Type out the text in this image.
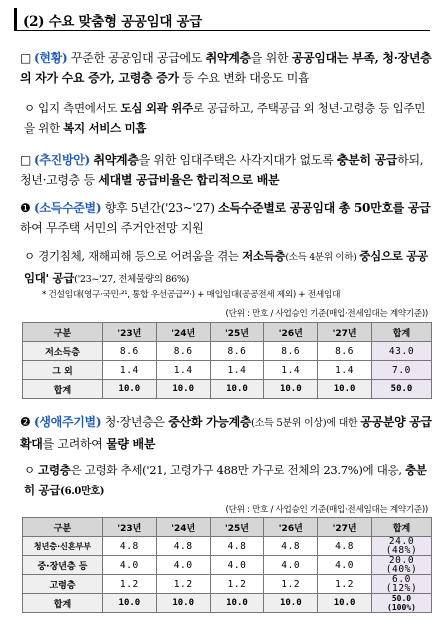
(2) 수요 맞춤형 공공임대 공급
□ (현황) 꾸준한 공공임대 공급에도 취약계층을 위한 공공임대는 부족, 청·장년층의 자가 수요 증가, 고령층 증가 등 수요 변화 대응도 미흡
ㅇ 입지 측면에서도 도심 외곽 위주로 공급하고, 주택공급 외 청년·고령층 등 입주민을 위한 복지 서비스 미흡
□ (추진방안) 취약계층을 위한 임대주택은 사각지대가 없도록 충분히 공급하되, 청년·고령층 등 세대별 공급비율은 합리적으로 배분
❶ (소득수준별) 향후 5년간('23~'27) 소득수준별로 공공임대 총 50만호를 공급하여 무주택 서민의 주거안전망 지원
ㅇ 경기침체, 재해피해 등으로 어려움을 겪는 저소득층(소득 4분위 이하) 중심으로 공공임대' 공급('23~'27, 전체물량의 86%)
* 건설임대(영구·국민·²¹, 통합 우선공급²²·) + 매입임대(공공전세 제외) + 전세임대
(단위 : 만호 / 사업승인 기준(매입·전세임대는 계약기준))
구분	'23년	'24년	'25년	'26년	'27년	합계
저소득층	8.6	8.6	8.6	8.6	8.6	43.0
그 외	1.4	1.4	1.4	1.4	1.4	7.0
합계	10.0	10.0	10.0	10.0	10.0	50.0
❷ (생애주기별) 청·장년층은 중산화 가능계층(소득 5분위 이상)에 대한 공공분양 공급 확대를 고려하여 물량 배분
ㅇ 고령층은 고령화 추세('21, 고령가구 488만 가구로 전체의 23.7%)에 대응, 충분히 공급(6.0만호)
(단위 : 만호 / 사업승인 기준(매입·전세임대는 계약기준))
구분	'23년	'24년	'25년	'26년	'27년	합계
청년층·신혼부부	4.8	4.8	4.8	4.8	4.8	24.0
(48%)

중·장년층 등	4.0	4.0	4.0	4.0	4.0	20.0
(40%)

고령층	1.2	1.2	1.2	1.2	1.2	6.0
(12%)

합계	10.0	10.0	10.0	10.0	10.0	50.0
(100%)
